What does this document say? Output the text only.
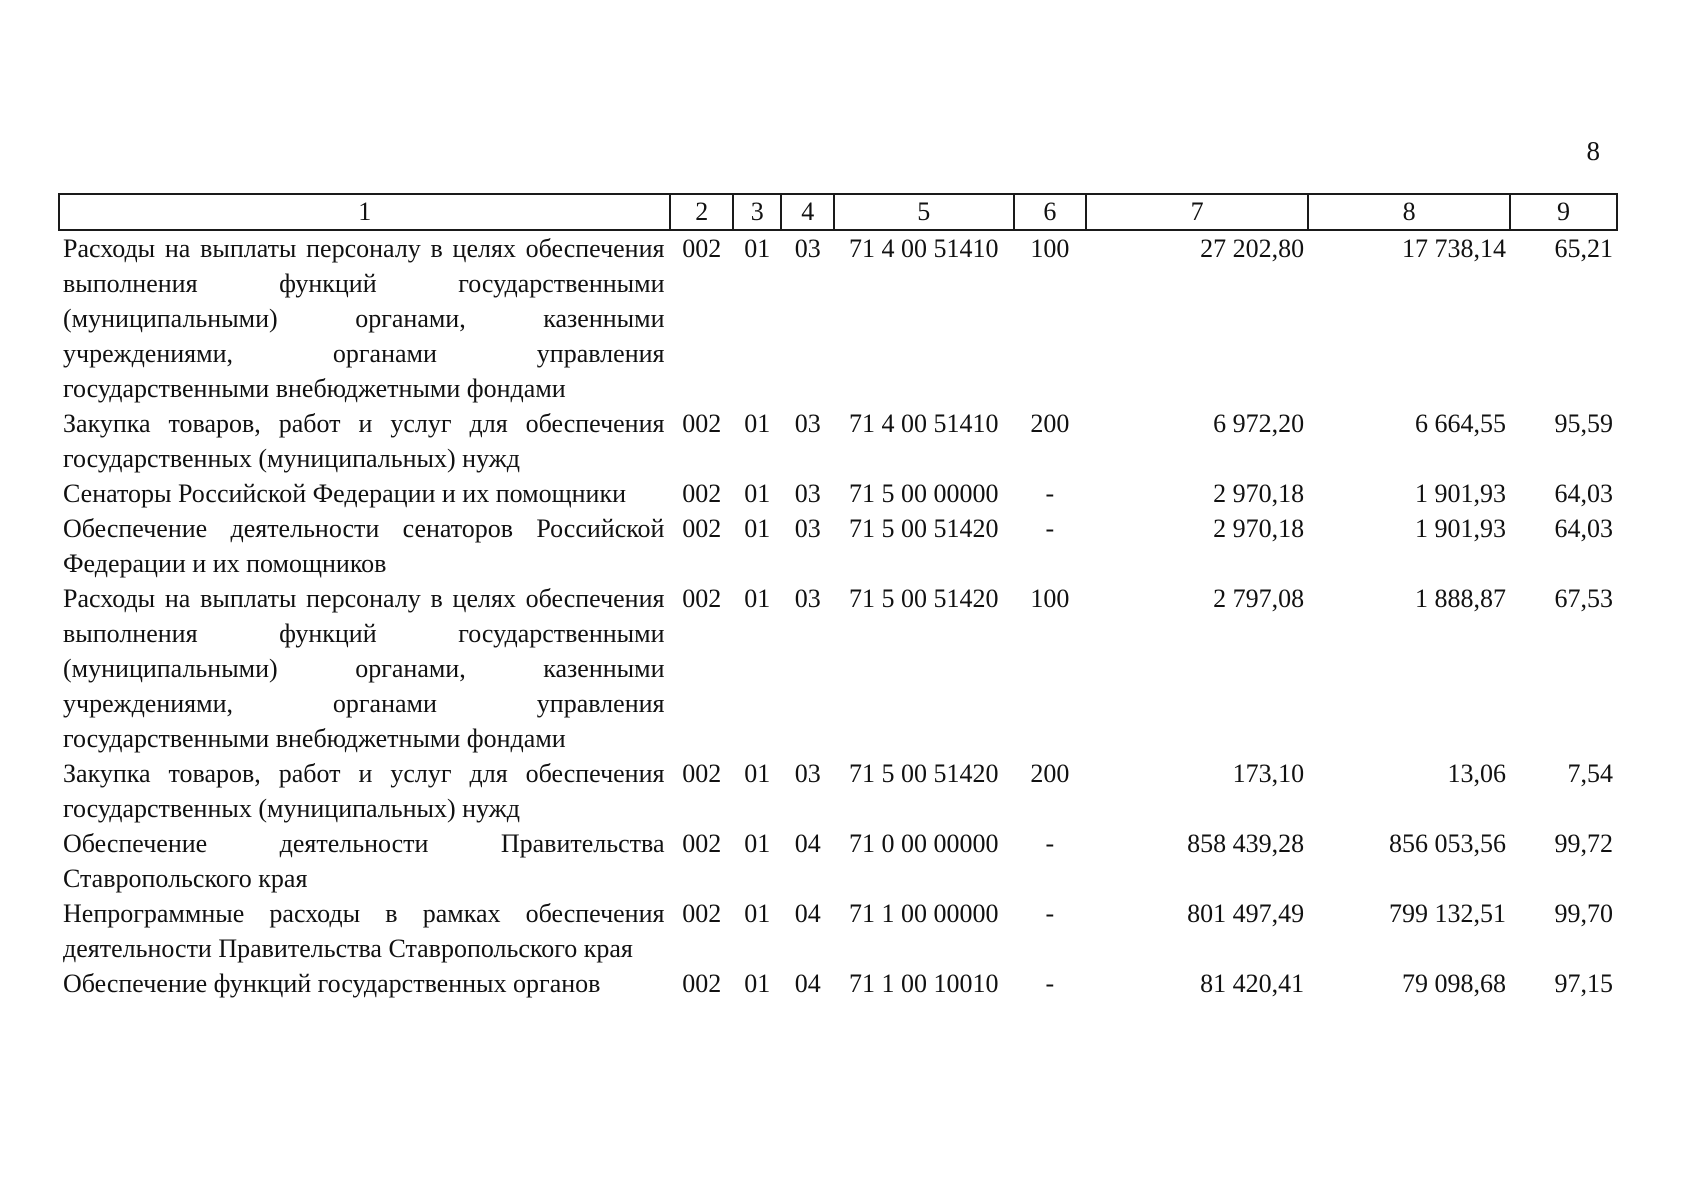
8
1	2	3	4	5	6	7	8	9
Расходы на выплаты персоналу в целях обеспечения выполнения функций государственными (муниципальными) органами, казенными учреждениями, органами управления государственными внебюджетными фондами	002	01	03	71 4 00 51410	100	27 202,80	17 738,14	65,21
Закупка товаров, работ и услуг для обеспечения государственных (муниципальных) нужд	002	01	03	71 4 00 51410	200	6 972,20	6 664,55	95,59
Сенаторы Российской Федерации и их помощники	002	01	03	71 5 00 00000	-	2 970,18	1 901,93	64,03
Обеспечение деятельности сенаторов Российской Федерации и их помощников	002	01	03	71 5 00 51420	-	2 970,18	1 901,93	64,03
Расходы на выплаты персоналу в целях обеспечения выполнения функций государственными (муниципальными) органами, казенными учреждениями, органами управления государственными внебюджетными фондами	002	01	03	71 5 00 51420	100	2 797,08	1 888,87	67,53
Закупка товаров, работ и услуг для обеспечения государственных (муниципальных) нужд	002	01	03	71 5 00 51420	200	173,10	13,06	7,54
Обеспечение деятельности Правительства Ставропольского края	002	01	04	71 0 00 00000	-	858 439,28	856 053,56	99,72
Непрограммные расходы в рамках обеспечения деятельности Правительства Ставропольского края	002	01	04	71 1 00 00000	-	801 497,49	799 132,51	99,70
Обеспечение функций государственных органов	002	01	04	71 1 00 10010	-	81 420,41	79 098,68	97,15
